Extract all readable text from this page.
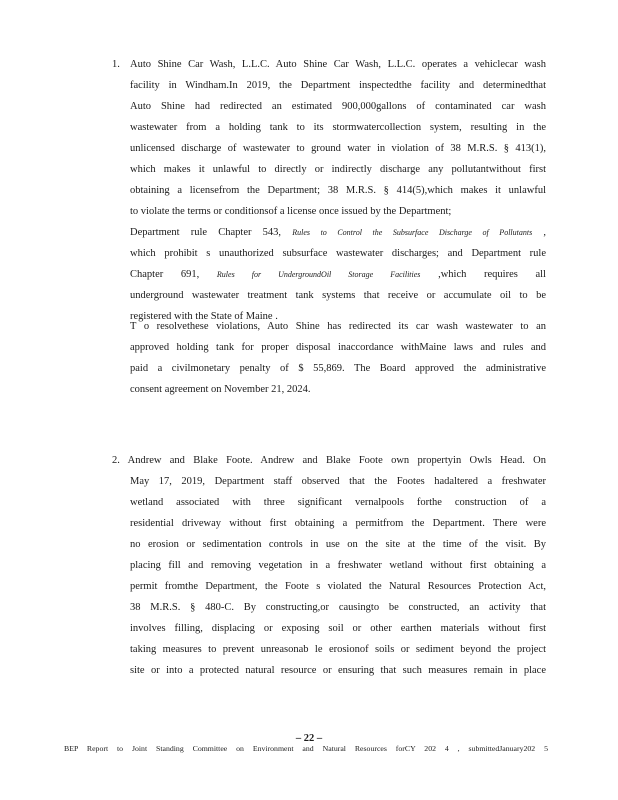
1. Auto Shine Car Wash, L.L.C. Auto Shine Car Wash, L.L.C. operates a vehiclecar wash
facility in Windham.In 2019, the Department inspectedthe facility and determinedthat
Auto Shine had redirected an estimated 900,000gallons of contaminated car wash
wastewater from a holding tank to its stormwatercollection system, resulting in the
unlicensed discharge of wastewater to ground water in violation of 38 M.R.S. § 413(1),
which makes it unlawful to directly or indirectly discharge any pollutantwithout first
obtaining a licensefrom the Department; 38 M.R.S. § 414(5),which makes it unlawful
to violate the terms or conditionsof a license once issued by the Department;
Department rule Chapter 543, Rules to Control the Subsurface Discharge of Pollutants ,
which prohibit s unauthorized subsurface wastewater discharges; and Department rule
Chapter 691, Rules for UndergroundOil Storage Facilities ,which requires all
underground wastewater treatment tank systems that receive or accumulate oil to be
registered with the State of Maine .
T o resolvethese violations, Auto Shine has redirected its car wash wastewater to an
approved holding tank for proper disposal inaccordance withMaine laws and rules and
paid a civilmonetary penalty of $ 55,869. The Board approved the administrative
consent agreement on November 21, 2024.
2. Andrew and Blake Foote. Andrew and Blake Foote own propertyin Owls Head. On
May 17, 2019, Department staff observed that the Footes hadaltered a freshwater
wetland associated with three significant vernalpools forthe construction of a
residential driveway without first obtaining a permitfrom the Department. There were
no erosion or sedimentation controls in use on the site at the time of the visit. By
placing fill and removing vegetation in a freshwater wetland without first obtaining a
permit fromthe Department, the Foote s violated the Natural Resources Protection Act,
38 M.R.S. § 480-C. By constructing,or causingto be constructed, an activity that
involves filling, displacing or exposing soil or other earthen materials without first
taking measures to prevent unreasonab le erosionof soils or sediment beyond the project
site or into a protected natural resource or ensuring that such measures remain in place
– 22 –
BEP Report to Joint Standing Committee on Environment and Natural Resources forCY 202 4 , submittedJanuary202 5
